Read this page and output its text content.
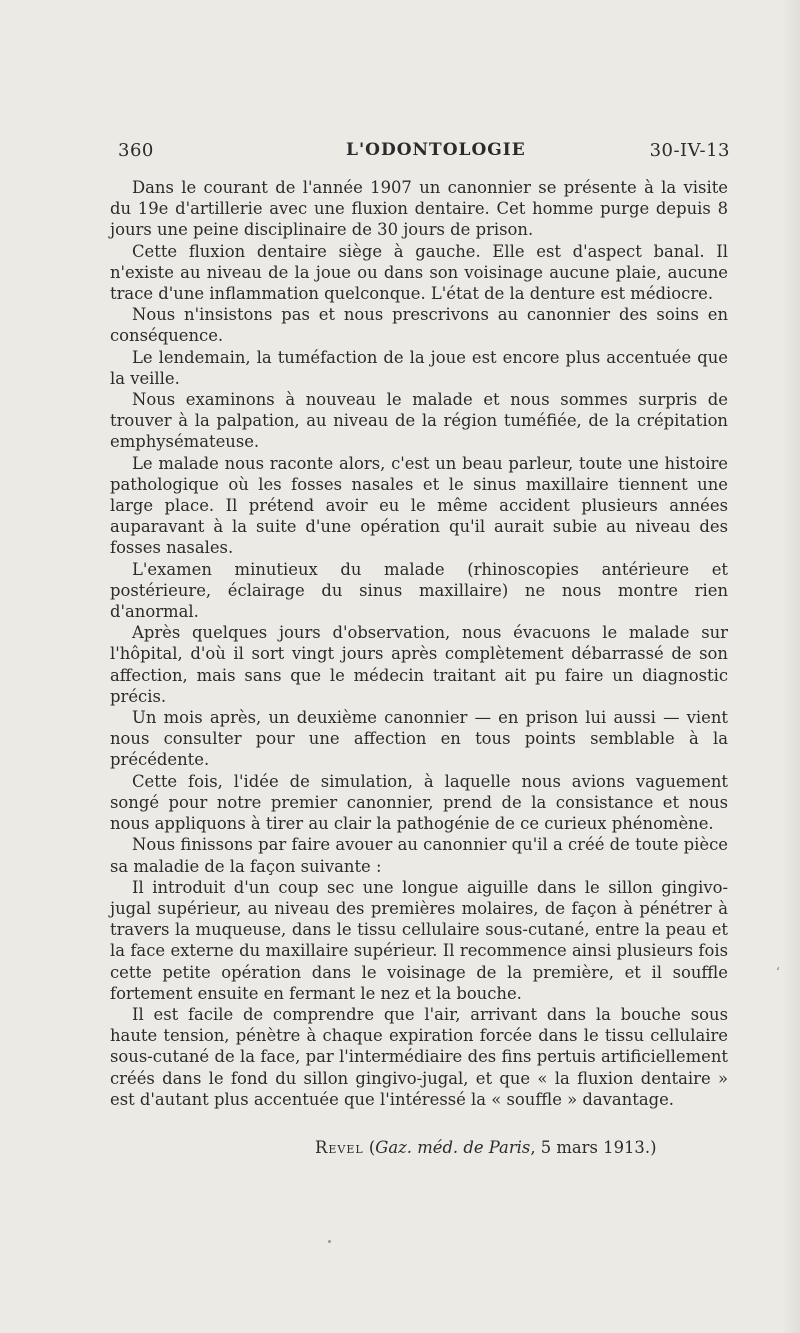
360	L'ODONTOLOGIE	30-IV-13

Dans le courant de l'année 1907 un canonnier se présente à la visite du 19e d'artillerie avec une fluxion dentaire. Cet homme purge depuis 8 jours une peine disciplinaire de 30 jours de prison.

Cette fluxion dentaire siège à gauche. Elle est d'aspect banal. Il n'existe au niveau de la joue ou dans son voisinage aucune plaie, aucune trace d'une inflammation quelconque. L'état de la denture est médiocre.

Nous n'insistons pas et nous prescrivons au canonnier des soins en conséquence.

Le lendemain, la tuméfaction de la joue est encore plus accentuée que la veille.

Nous examinons à nouveau le malade et nous sommes surpris de trouver à la palpation, au niveau de la région tuméfiée, de la crépitation emphysémateuse.

Le malade nous raconte alors, c'est un beau parleur, toute une histoire pathologique où les fosses nasales et le sinus maxillaire tiennent une large place. Il prétend avoir eu le même accident plusieurs années auparavant à la suite d'une opération qu'il aurait subie au niveau des fosses nasales.

L'examen minutieux du malade (rhinoscopies antérieure et postérieure, éclairage du sinus maxillaire) ne nous montre rien d'anormal.

Après quelques jours d'observation, nous évacuons le malade sur l'hôpital, d'où il sort vingt jours après complètement débarrassé de son affection, mais sans que le médecin traitant ait pu faire un diagnostic précis.

Un mois après, un deuxième canonnier — en prison lui aussi — vient nous consulter pour une affection en tous points semblable à la précédente.

Cette fois, l'idée de simulation, à laquelle nous avions vaguement songé pour notre premier canonnier, prend de la consistance et nous nous appliquons à tirer au clair la pathogénie de ce curieux phénomène.

Nous finissons par faire avouer au canonnier qu'il a créé de toute pièce sa maladie de la façon suivante :

Il introduit d'un coup sec une longue aiguille dans le sillon gingivo-jugal supérieur, au niveau des premières molaires, de façon à pénétrer à travers la muqueuse, dans le tissu cellulaire sous-cutané, entre la peau et la face externe du maxillaire supérieur. Il recommence ainsi plusieurs fois cette petite opération dans le voisinage de la première, et il souffle fortement ensuite en fermant le nez et la bouche.

Il est facile de comprendre que l'air, arrivant dans la bouche sous haute tension, pénètre à chaque expiration forcée dans le tissu cellulaire sous-cutané de la face, par l'intermédiaire des fins pertuis artificiellement créés dans le fond du sillon gingivo-jugal, et que « la fluxion dentaire » est d'autant plus accentuée que l'intéressé la « souffle » davantage.

Revel (Gaz. méd. de Paris, 5 mars 1913.)
‘
